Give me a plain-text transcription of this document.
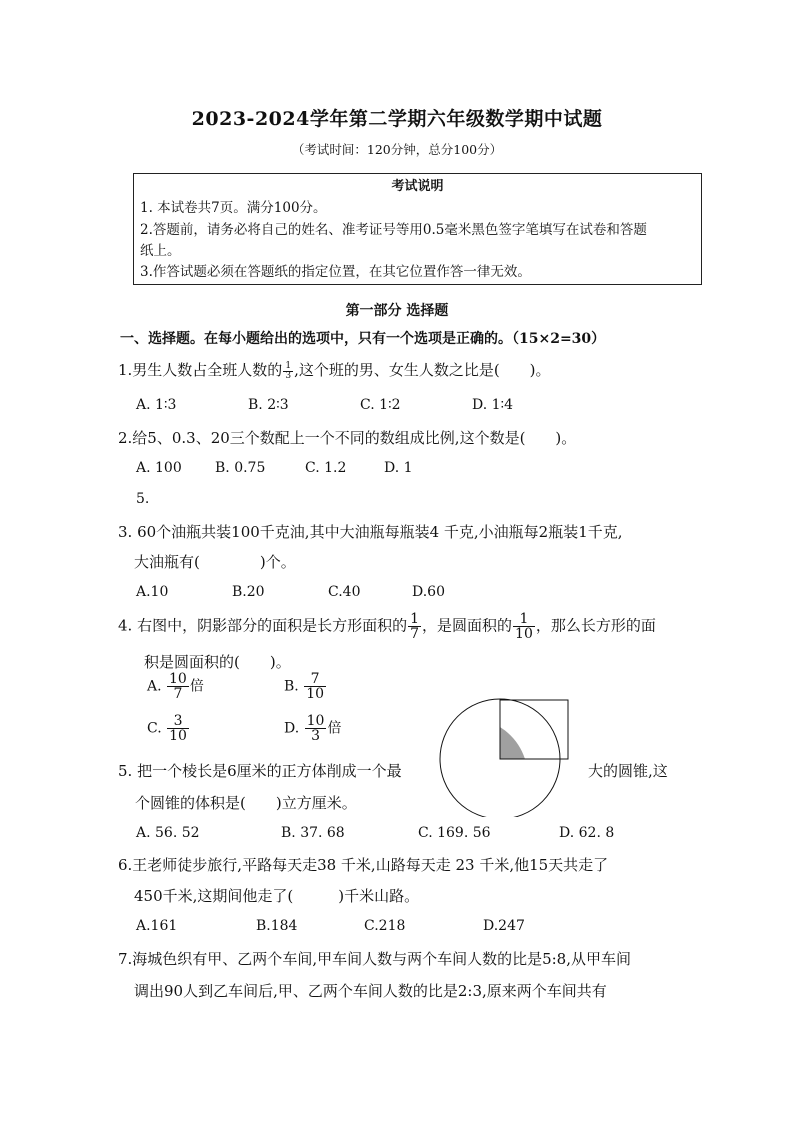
2023-2024学年第二学期六年级数学期中试题
（考试时间：120分钟，总分100分）
考试说明
1. 本试卷共7页。满分100分。
2.答题前，请务必将自己的姓名、准考证号等用0.5毫米黑色签字笔填写在试卷和答题
纸上。
3.作答试题必须在答题纸的指定位置，在其它位置作答一律无效。
第一部分 选择题
一、选择题。在每小题给出的选项中，只有一个选项是正确的。（15×2=30）
1.男生人数占全班人数的 $\frac{1}{3}$ ,这个班的男、女生人数之比是(　　)。
A. 1∶3	B. 2∶3	C. 1∶2	D. 1∶4
2.给5、0.3、20三个数配上一个不同的数组成比例,这个数是(　　)。
A. 100 B. 0.75	C. 1.2	D. 1
5.
3. 60个油瓶共装100千克油,其中大油瓶每瓶装4 千克,小油瓶每2瓶装1千克,
大油瓶有(　　　　)个。
A.10	B.20	C.40	D.60
4. 右图中，阴影部分的面积是长方形面积的 $\frac{1}{7}$ ，是圆面积的 $\frac{1}{10}$ ，那么长方形的面
积是圆面积的(　　)。
A. $\frac{10}{7}$ 倍	B. $\frac{7}{10}$
C. $\frac{3}{10}$	D. $\frac{10}{3}$ 倍
5. 把一个棱长是6厘米的正方体削成一个最	大的圆锥,这
个圆锥的体积是(　　)立方厘米。
A. 56. 52	B. 37. 68	C. 169. 56	D. 62. 8
6.王老师徒步旅行,平路每天走38 千米,山路每天走 23 千米,他15天共走了
450千米,这期间他走了(　　　)千米山路。
A.161	B.184	C.218	D.247
7.海城色织有甲、乙两个车间,甲车间人数与两个车间人数的比是5:8,从甲车间
调出90人到乙车间后,甲、乙两个车间人数的比是2:3,原来两个车间共有
